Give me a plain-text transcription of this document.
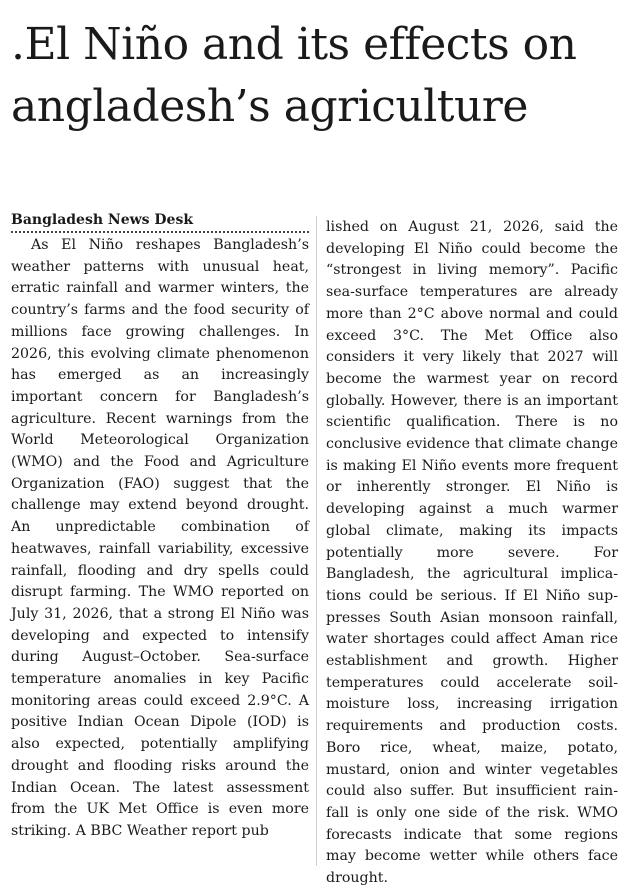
.El Niño and its effects on angladesh’s agriculture
Bangladesh News Desk

As El Niño reshapes Bangladesh’s weather patterns with unusual heat, erratic rainfall and warmer winters, the country’s farms and the food security of millions face growing challenges. In 2026, this evolving climate phenomenon has emerged as an increasingly important concern for Bangladesh’s agriculture. Recent warnings from the World Meteorological Organization (WMO) and the Food and Agriculture Organization (FAO) suggest that the challenge may extend beyond drought. An unpredictable combination of heatwaves, rainfall variability, excessive rainfall, flooding and dry spells could disrupt farming. The WMO reported on July 31, 2026, that a strong El Niño was developing and expected to intensify during August–October. Sea-surface temperature anomalies in key Pacific monitoring areas could exceed 2.9°C. A positive Indian Ocean Dipole (IOD) is also expected, potentially amplifying drought and flooding risks around the Indian Ocean. The latest assessment from the UK Met Office is even more striking. A BBC Weather report pub

lished on August 21, 2026, said the developing El Niño could become the “strongest in living memory”. Pacific sea-surface temperatures are already more than 2°C above normal and could exceed 3°C. The Met Office also considers it very likely that 2027 will become the warmest year on record globally. However, there is an important scientific qualification. There is no conclusive evidence that climate change is making El Niño events more frequent or inherently stronger. El Niño is developing against a much warmer global climate, making its impacts potentially more severe. For Bangladesh, the agricultural implications could be serious. If El Niño suppresses South Asian monsoon rainfall, water shortages could affect Aman rice establishment and growth. Higher temperatures could accelerate soil-moisture loss, increasing irrigation requirements and production costs. Boro rice, wheat, maize, potato, mustard, onion and winter vegetables could also suffer. But insufficient rainfall is only one side of the risk. WMO forecasts indicate that some regions may become wetter while others face drought.
